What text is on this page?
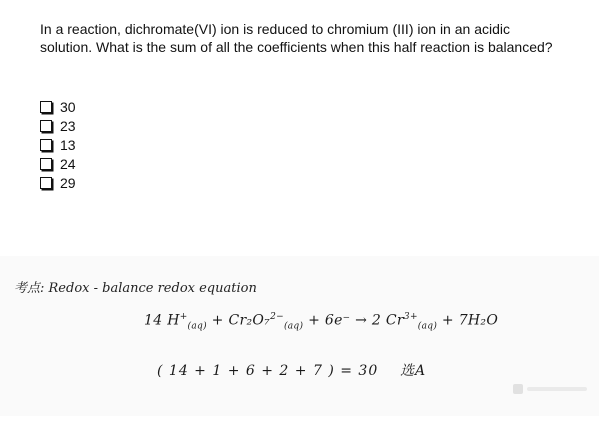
In a reaction, dichromate(VI) ion is reduced to chromium (III) ion in an acidic solution. What is the sum of all the coefficients when this half reaction is balanced?
30
23
13
24
29
考点: Redox - balance redox equation
14 $H^+_{(aq)} + Cr_2O_7^{2-}_{(aq)} + 6e^- \to 2$ $Cr^{3+}_{(aq)} + 7H_2O$
( 14 + 1 + 6 + 2 + 7 ) = 30 选A
